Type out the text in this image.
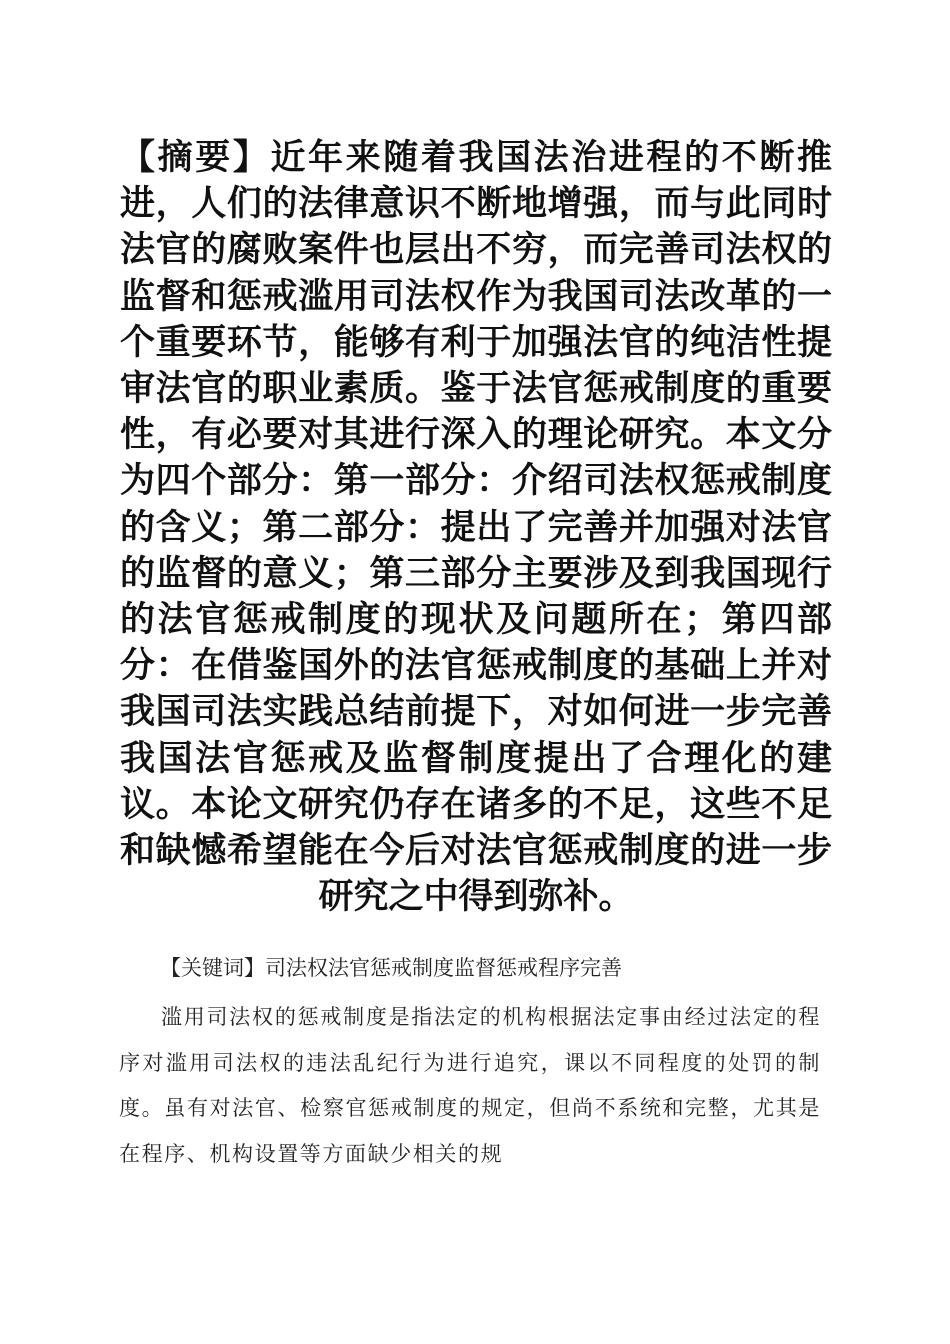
【摘要】近年来随着我国法治进程的不断推进，人们的法律意识不断地增强，而与此同时法官的腐败案件也层出不穷，而完善司法权的监督和惩戒滥用司法权作为我国司法改革的一个重要环节，能够有利于加强法官的纯洁性提审法官的职业素质。鉴于法官惩戒制度的重要性，有必要对其进行深入的理论研究。本文分为四个部分：第一部分：介绍司法权惩戒制度的含义；第二部分：提出了完善并加强对法官的监督的意义；第三部分主要涉及到我国现行的法官惩戒制度的现状及问题所在；第四部分：在借鉴国外的法官惩戒制度的基础上并对我国司法实践总结前提下，对如何进一步完善我国法官惩戒及监督制度提出了合理化的建议。本论文研究仍存在诸多的不足，这些不足和缺憾希望能在今后对法官惩戒制度的进一步研究之中得到弥补。

【关键词】司法权法官惩戒制度监督惩戒程序完善

滥用司法权的惩戒制度是指法定的机构根据法定事由经过法定的程序对滥用司法权的违法乱纪行为进行追究，课以不同程度的处罚的制度。虽有对法官、检察官惩戒制度的规定，但尚不系统和完整，尤其是在程序、机构设置等方面缺少相关的规
